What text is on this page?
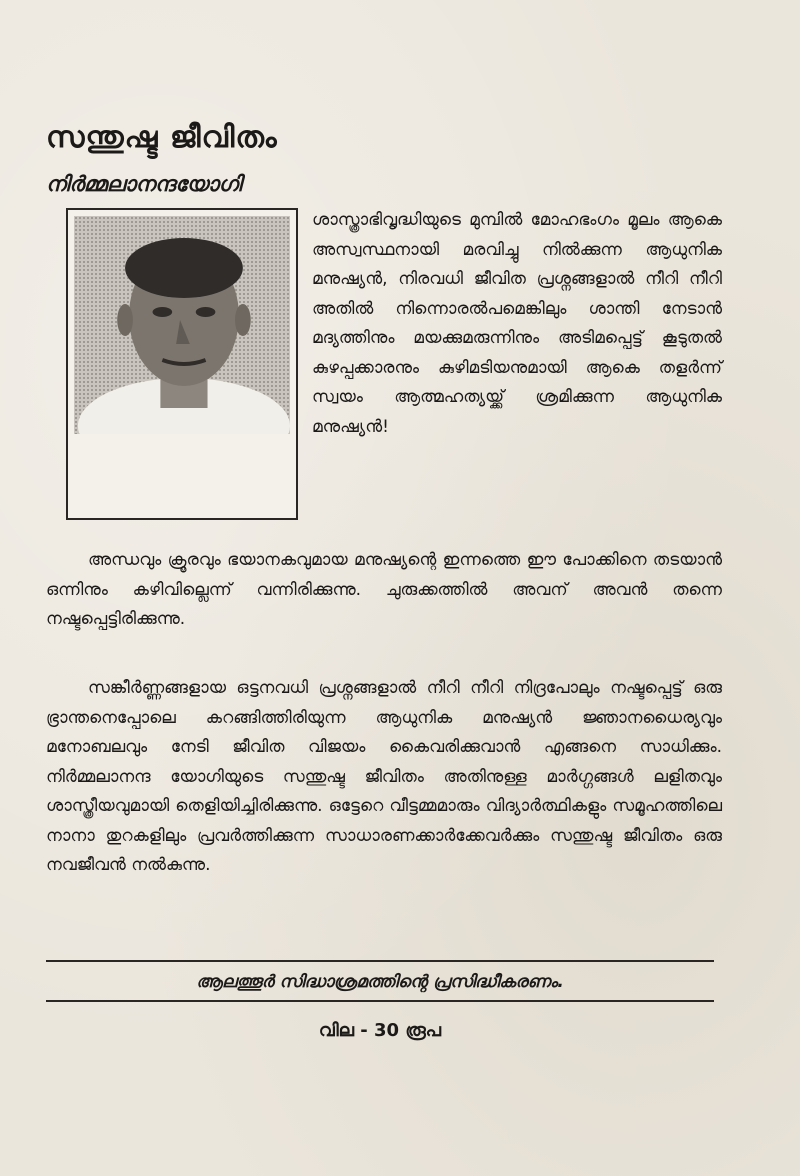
സന്തുഷ്ട ജീവിതം
നിർമ്മലാനന്ദയോഗി

ശാസ്ത്രാഭിവൃദ്ധിയുടെ മുമ്പിൽ മോഹഭംഗം മൂലം ആകെ അസ്വസ്ഥനായി മരവിച്ചു നിൽക്കുന്ന ആധുനിക മനുഷ്യൻ, നിരവധി ജീവിത പ്രശ്നങ്ങളാൽ നീറി നീറി അതിൽ നിന്നൊരൽപമെങ്കിലും ശാന്തി നേടാൻ മദ്യത്തിനും മയക്കുമരുന്നിനും അടിമപ്പെട്ട് കൂടുതൽ കുഴപ്പക്കാരനും കുഴിമടിയനുമായി ആകെ തളർന്ന് സ്വയം ആത്മഹത്യയ്ക്ക് ശ്രമിക്കുന്ന ആധുനിക മനുഷ്യൻ!

അന്ധവും ക്രൂരവും ഭയാനകവുമായ മനുഷ്യന്റെ ഇന്നത്തെ ഈ പോക്കിനെ തടയാൻ ഒന്നിനും കഴിവില്ലെന്ന് വന്നിരിക്കുന്നു. ചുരുക്കത്തിൽ അവന് അവൻ തന്നെ നഷ്ടപ്പെട്ടിരിക്കുന്നു.

സങ്കീർണ്ണങ്ങളായ ഒട്ടനവധി പ്രശ്നങ്ങളാൽ നീറി നീറി നിദ്രപോലും നഷ്ടപ്പെട്ട് ഒരു ഭ്രാന്തനെപ്പോലെ കറങ്ങിത്തിരിയുന്ന ആധുനിക മനുഷ്യൻ ജ്ഞാനധൈര്യവും മനോബലവും നേടി ജീവിത വിജയം കൈവരിക്കുവാൻ എങ്ങനെ സാധിക്കും. നിർമ്മലാനന്ദ യോഗിയുടെ സന്തുഷ്ട ജീവിതം അതിനുള്ള മാർഗ്ഗങ്ങൾ ലളിതവും ശാസ്ത്രീയവുമായി തെളിയിച്ചിരിക്കുന്നു. ഒട്ടേറെ വീട്ടമ്മമാരും വിദ്യാർത്ഥികളും സമൂഹത്തിലെ നാനാ തുറകളിലും പ്രവർത്തിക്കുന്ന സാധാരണക്കാർക്കേവർക്കും സന്തുഷ്ട ജീവിതം ഒരു നവജീവൻ നൽകുന്നു.

ആലത്തൂർ സിദ്ധാശ്രമത്തിന്റെ പ്രസിദ്ധീകരണം.

വില - 30 രൂപ
